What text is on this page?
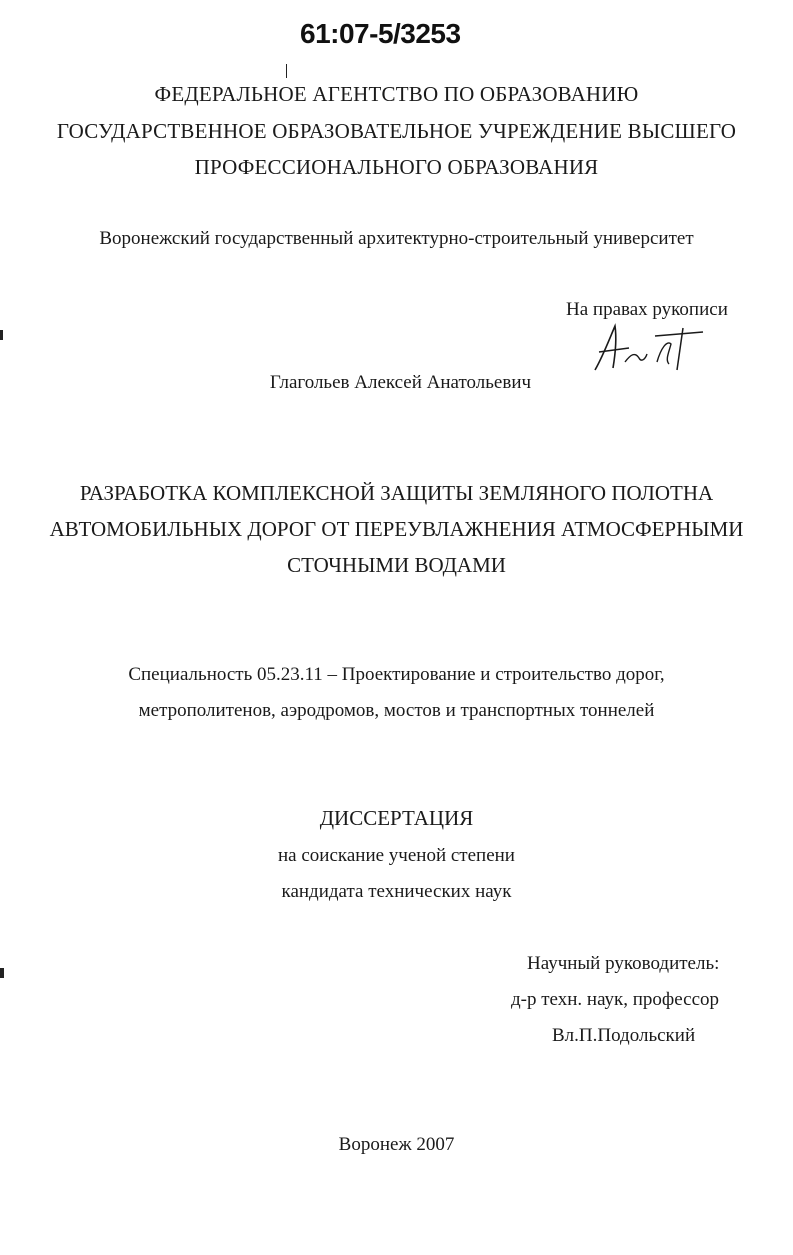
61:07-5/3253
ФЕДЕРАЛЬНОЕ АГЕНТСТВО ПО ОБРАЗОВАНИЮ
ГОСУДАРСТВЕННОЕ ОБРАЗОВАТЕЛЬНОЕ УЧРЕЖДЕНИЕ ВЫСШЕГО
ПРОФЕССИОНАЛЬНОГО ОБРАЗОВАНИЯ
Воронежский государственный архитектурно-строительный университет
На правах рукописи
Глагольев Алексей Анатольевич
РАЗРАБОТКА КОМПЛЕКСНОЙ ЗАЩИТЫ ЗЕМЛЯНОГО ПОЛОТНА
АВТОМОБИЛЬНЫХ ДОРОГ ОТ ПЕРЕУВЛАЖНЕНИЯ АТМОСФЕРНЫМИ
СТОЧНЫМИ ВОДАМИ
Специальность 05.23.11 – Проектирование и строительство дорог,
метрополитенов, аэродромов, мостов и транспортных тоннелей
ДИССЕРТАЦИЯ
на соискание ученой степени
кандидата технических наук
Научный руководитель:
д-р техн. наук, профессор
Вл.П.Подольский
Воронеж 2007
